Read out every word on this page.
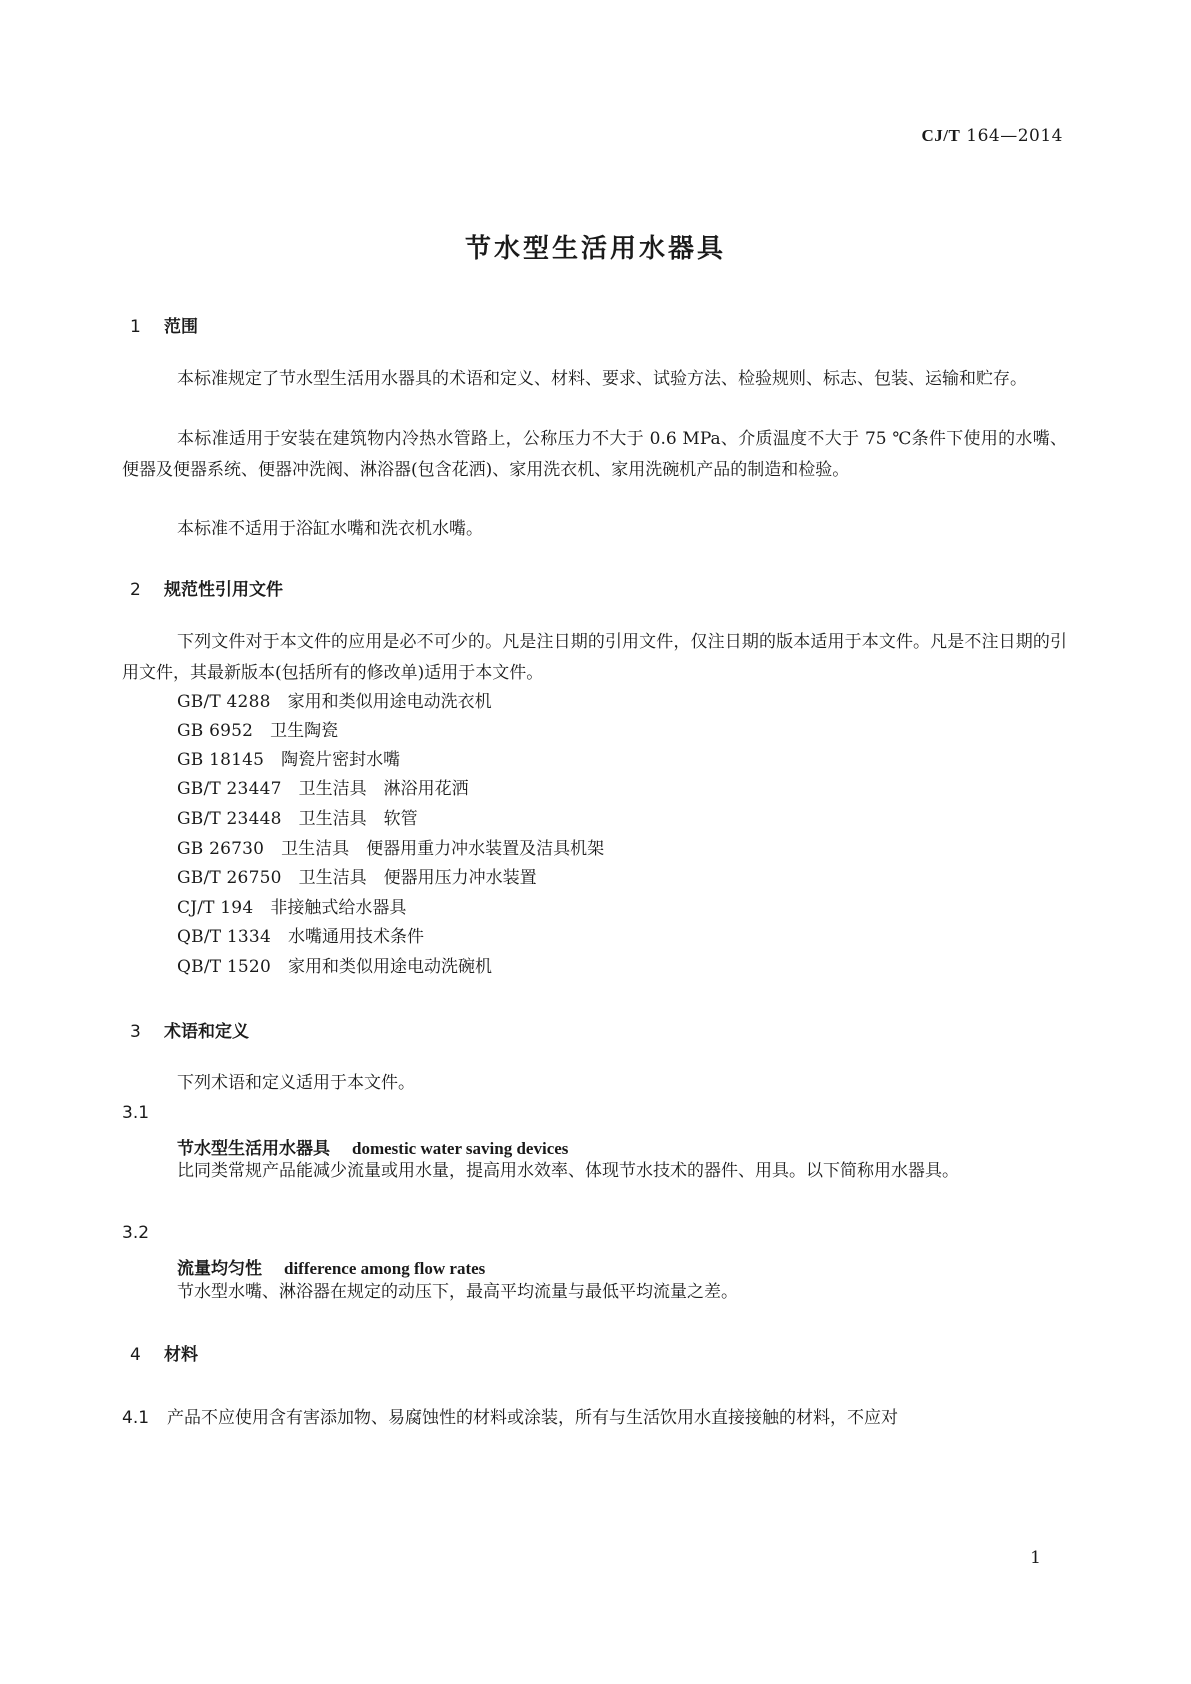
CJ/T 164—2014
节水型生活用水器具
1 范围
本标准规定了节水型生活用水器具的术语和定义、材料、要求、试验方法、检验规则、标志、包装、运输和贮存。
本标准适用于安装在建筑物内冷热水管路上，公称压力不大于 0.6 MPa、介质温度不大于 75 ℃条件下使用的水嘴、便器及便器系统、便器冲洗阀、淋浴器(包含花洒)、家用洗衣机、家用洗碗机产品的制造和检验。
本标准不适用于浴缸水嘴和洗衣机水嘴。
2 规范性引用文件
下列文件对于本文件的应用是必不可少的。凡是注日期的引用文件，仅注日期的版本适用于本文件。凡是不注日期的引用文件，其最新版本(包括所有的修改单)适用于本文件。
GB/T 4288　 家用和类似用途电动洗衣机
GB 6952　 卫生陶瓷
GB 18145　 陶瓷片密封水嘴
GB/T 23447　 卫生洁具　淋浴用花洒
GB/T 23448　 卫生洁具　软管
GB 26730　 卫生洁具　便器用重力冲水装置及洁具机架
GB/T 26750　 卫生洁具　便器用压力冲水装置
CJ/T 194　 非接触式给水器具
QB/T 1334　 水嘴通用技术条件
QB/T 1520　 家用和类似用途电动洗碗机
3 术语和定义
下列术语和定义适用于本文件。
3.1
节水型生活用水器具 domestic water saving devices
比同类常规产品能减少流量或用水量，提高用水效率、体现节水技术的器件、用具。以下简称用水器具。
3.2
流量均匀性 difference among flow rates
节水型水嘴、淋浴器在规定的动压下，最高平均流量与最低平均流量之差。
4 材料
4.1 产品不应使用含有害添加物、易腐蚀性的材料或涂装，所有与生活饮用水直接接触的材料，不应对
1
